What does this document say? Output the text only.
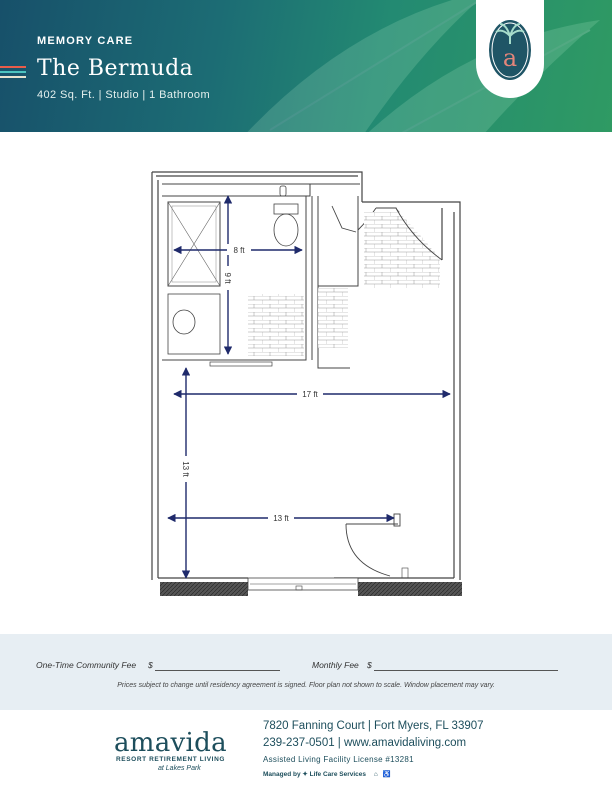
MEMORY CARE
The Bermuda
402 Sq. Ft. | Studio | 1 Bathroom
a
8 ft
9 ft
17 ft
13 ft
13 ft
One-Time Community Fee $	Monthly Fee $
Prices subject to change until residency agreement is signed. Floor plan not shown to scale. Window placement may vary.
amavida
RESORT RETIREMENT LIVING
at Lakes Park
7820 Fanning Court | Fort Myers, FL 33907
239-237-0501 | www.amavidaliving.com
Assisted Living Facility License #13281
Managed by ✦ Life Care Services ⌂ ♿
